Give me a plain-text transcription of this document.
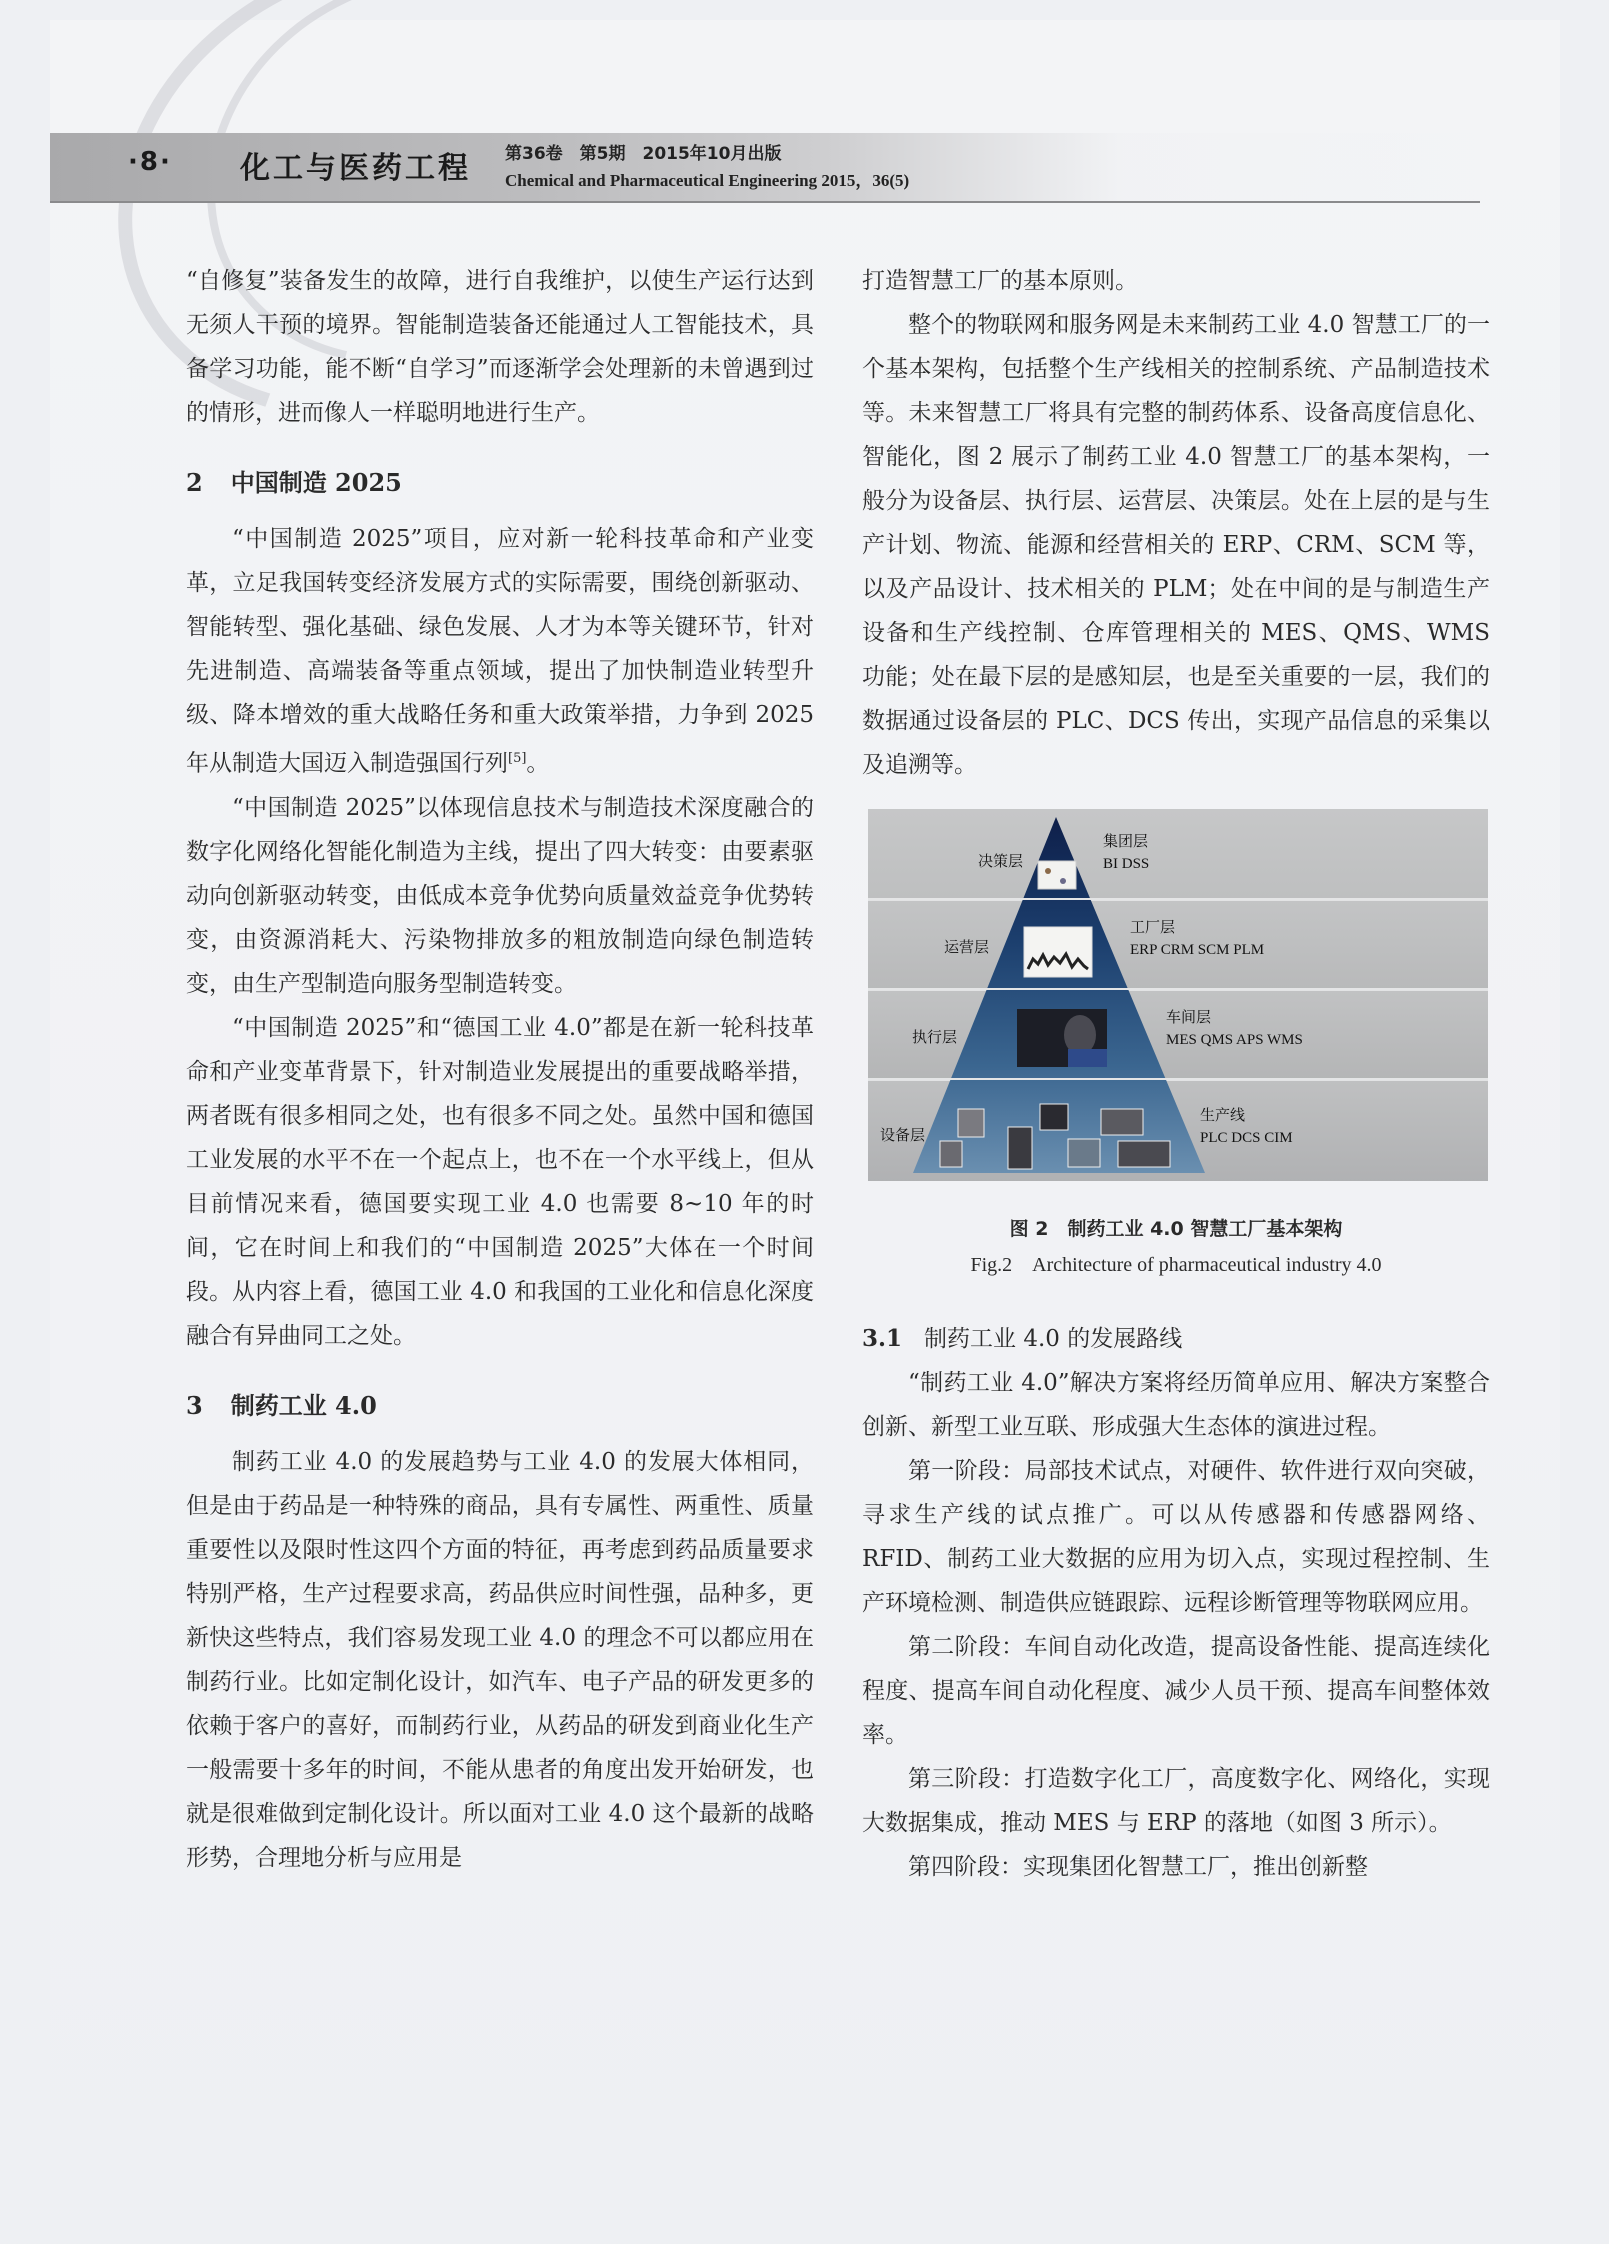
·8· 化工与医药工程 第36卷　第5期　2015年10月出版
Chemical and Pharmaceutical Engineering 2015，36(5)

“自修复”装备发生的故障，进行自我维护，以使生产运行达到无须人干预的境界。智能制造装备还能通过人工智能技术，具备学习功能，能不断“自学习”而逐渐学会处理新的未曾遇到过的情形，进而像人一样聪明地进行生产。

2 中国制造 2025

“中国制造 2025”项目，应对新一轮科技革命和产业变革，立足我国转变经济发展方式的实际需要，围绕创新驱动、智能转型、强化基础、绿色发展、人才为本等关键环节，针对先进制造、高端装备等重点领域，提出了加快制造业转型升级、降本增效的重大战略任务和重大政策举措，力争到 2025 年从制造大国迈入制造强国行列[5]。

“中国制造 2025”以体现信息技术与制造技术深度融合的数字化网络化智能化制造为主线，提出了四大转变：由要素驱动向创新驱动转变，由低成本竞争优势向质量效益竞争优势转变，由资源消耗大、污染物排放多的粗放制造向绿色制造转变，由生产型制造向服务型制造转变。

“中国制造 2025”和“德国工业 4.0”都是在新一轮科技革命和产业变革背景下，针对制造业发展提出的重要战略举措，两者既有很多相同之处，也有很多不同之处。虽然中国和德国工业发展的水平不在一个起点上，也不在一个水平线上，但从目前情况来看，德国要实现工业 4.0 也需要 8~10 年的时间，它在时间上和我们的“中国制造 2025”大体在一个时间段。从内容上看，德国工业 4.0 和我国的工业化和信息化深度融合有异曲同工之处。

3 制药工业 4.0

制药工业 4.0 的发展趋势与工业 4.0 的发展大体相同，但是由于药品是一种特殊的商品，具有专属性、两重性、质量重要性以及限时性这四个方面的特征，再考虑到药品质量要求特别严格，生产过程要求高，药品供应时间性强，品种多，更新快这些特点，我们容易发现工业 4.0 的理念不可以都应用在制药行业。比如定制化设计，如汽车、电子产品的研发更多的依赖于客户的喜好，而制药行业，从药品的研发到商业化生产一般需要十多年的时间，不能从患者的角度出发开始研发，也就是很难做到定制化设计。所以面对工业 4.0 这个最新的战略形势，合理地分析与应用是

打造智慧工厂的基本原则。

整个的物联网和服务网是未来制药工业 4.0 智慧工厂的一个基本架构，包括整个生产线相关的控制系统、产品制造技术等。未来智慧工厂将具有完整的制药体系、设备高度信息化、智能化，图 2 展示了制药工业 4.0 智慧工厂的基本架构，一般分为设备层、执行层、运营层、决策层。处在上层的是与生产计划、物流、能源和经营相关的 ERP、CRM、SCM 等，以及产品设计、技术相关的 PLM；处在中间的是与制造生产设备和生产线控制、仓库管理相关的 MES、QMS、WMS 功能；处在最下层的是感知层，也是至关重要的一层，我们的数据通过设备层的 PLC、DCS 传出，实现产品信息的采集以及追溯等。

决策层
集团层
BI DSS
运营层
工厂层
ERP CRM SCM PLM
执行层
车间层
MES QMS APS WMS
设备层
生产线
PLC DCS CIM
图 2　制药工业 4.0 智慧工厂基本架构
Fig.2　Architecture of pharmaceutical industry 4.0
3.1 制药工业 4.0 的发展路线

“制药工业 4.0”解决方案将经历简单应用、解决方案整合创新、新型工业互联、形成强大生态体的演进过程。

第一阶段：局部技术试点，对硬件、软件进行双向突破，寻求生产线的试点推广。可以从传感器和传感器网络、RFID、制药工业大数据的应用为切入点，实现过程控制、生产环境检测、制造供应链跟踪、远程诊断管理等物联网应用。

第二阶段：车间自动化改造，提高设备性能、提高连续化程度、提高车间自动化程度、减少人员干预、提高车间整体效率。

第三阶段：打造数字化工厂，高度数字化、网络化，实现大数据集成，推动 MES 与 ERP 的落地（如图 3 所示）。

第四阶段：实现集团化智慧工厂，推出创新整
